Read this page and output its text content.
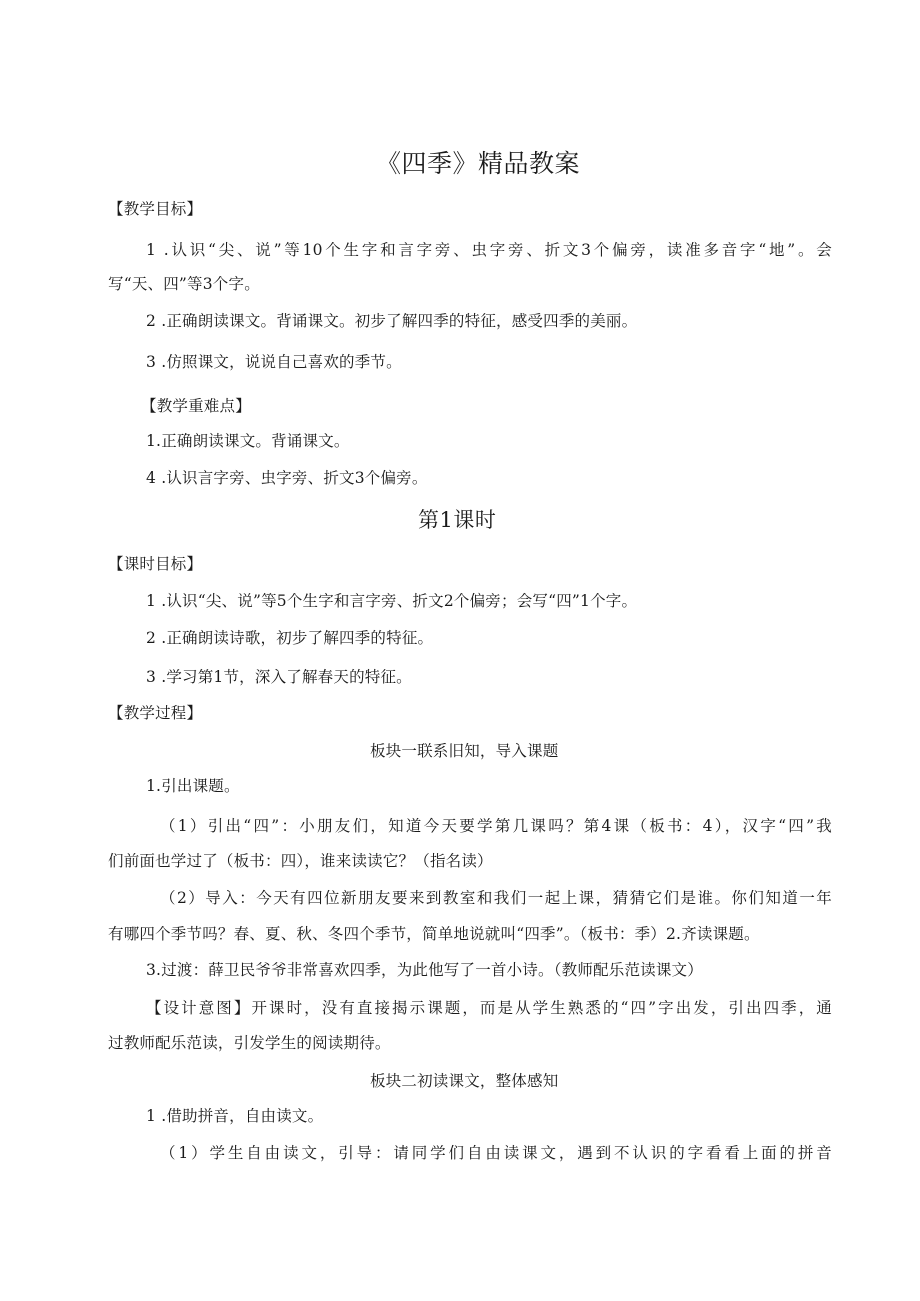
《四季》精品教案
【教学目标】
1 .认识“尖、说”等10个生字和言字旁、虫字旁、折文3个偏旁，读准多音字“地”。会
写“天、四”等3个字。
2 .正确朗读课文。背诵课文。初步了解四季的特征，感受四季的美丽。
3 .仿照课文，说说自己喜欢的季节。
【教学重难点】
1.正确朗读课文。背诵课文。
4 .认识言字旁、虫字旁、折文3个偏旁。
第1课时
【课时目标】
1 .认识“尖、说”等5个生字和言字旁、折文2个偏旁；会写“四”1个字。
2 .正确朗读诗歌，初步了解四季的特征。
3 .学习第1节，深入了解春天的特征。
【教学过程】
板块一联系旧知，导入课题
1.引出课题。
（1）引出“四”：小朋友们，知道今天要学第几课吗？第4课（板书：4），汉字“四”我
们前面也学过了（板书：四），谁来读读它？（指名读）
（2）导入：今天有四位新朋友要来到教室和我们一起上课，猜猜它们是谁。你们知道一年
有哪四个季节吗？春、夏、秋、冬四个季节，简单地说就叫“四季”。（板书：季）2.齐读课题。
3.过渡：薛卫民爷爷非常喜欢四季，为此他写了一首小诗。（教师配乐范读课文）
【设计意图】开课时，没有直接揭示课题，而是从学生熟悉的“四”字出发，引出四季，通
过教师配乐范读，引发学生的阅读期待。
板块二初读课文，整体感知
1 .借助拼音，自由读文。
（1）学生自由读文，引导：请同学们自由读课文，遇到不认识的字看看上面的拼音
